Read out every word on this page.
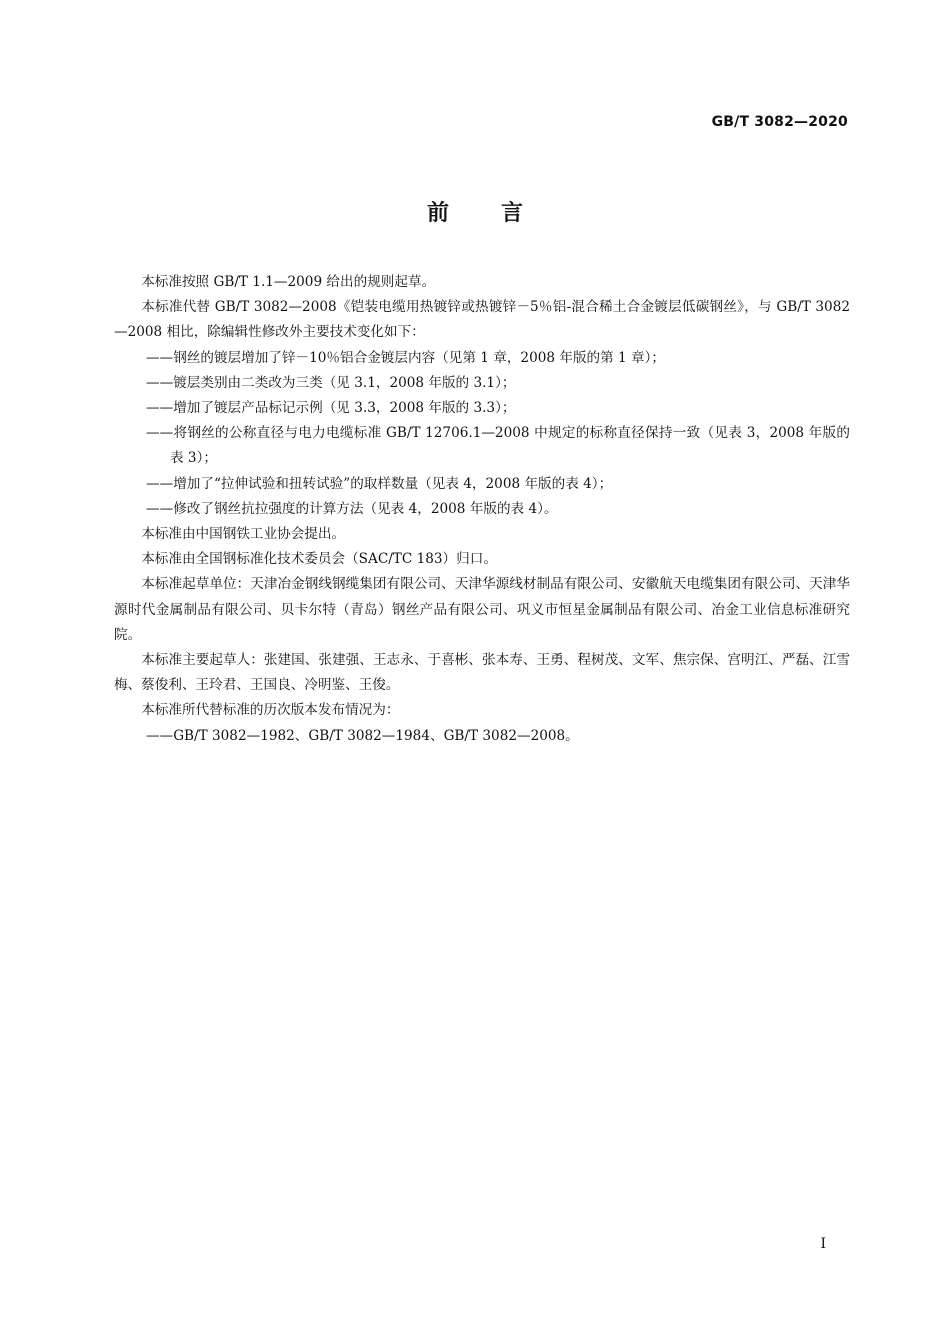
GB/T 3082—2020
前言

本标准按照 GB/T 1.1—2009 给出的规则起草。

本标准代替 GB/T 3082—2008《铠装电缆用热镀锌或热镀锌－5％铝-混合稀土合金镀层低碳钢丝》，与 GB/T 3082—2008 相比，除编辑性修改外主要技术变化如下：

——钢丝的镀层增加了锌－10％铝合金镀层内容（见第 1 章，2008 年版的第 1 章）；

——镀层类别由二类改为三类（见 3.1，2008 年版的 3.1）；

——增加了镀层产品标记示例（见 3.3，2008 年版的 3.3）；

——将钢丝的公称直径与电力电缆标准 GB/T 12706.1—2008 中规定的标称直径保持一致（见表 3，2008 年版的表 3）；

——增加了“拉伸试验和扭转试验”的取样数量（见表 4，2008 年版的表 4）；

——修改了钢丝抗拉强度的计算方法（见表 4，2008 年版的表 4）。

本标准由中国钢铁工业协会提出。

本标准由全国钢标准化技术委员会（SAC/TC 183）归口。

本标准起草单位：天津冶金钢线钢缆集团有限公司、天津华源线材制品有限公司、安徽航天电缆集团有限公司、天津华源时代金属制品有限公司、贝卡尔特（青岛）钢丝产品有限公司、巩义市恒星金属制品有限公司、冶金工业信息标准研究院。

本标准主要起草人：张建国、张建强、王志永、于喜彬、张本寿、王勇、程树茂、文军、焦宗保、宫明江、严磊、江雪梅、蔡俊利、王玲君、王国良、冷明鉴、王俊。

本标准所代替标准的历次版本发布情况为：

——GB/T 3082—1982、GB/T 3082—1984、GB/T 3082—2008。

I
